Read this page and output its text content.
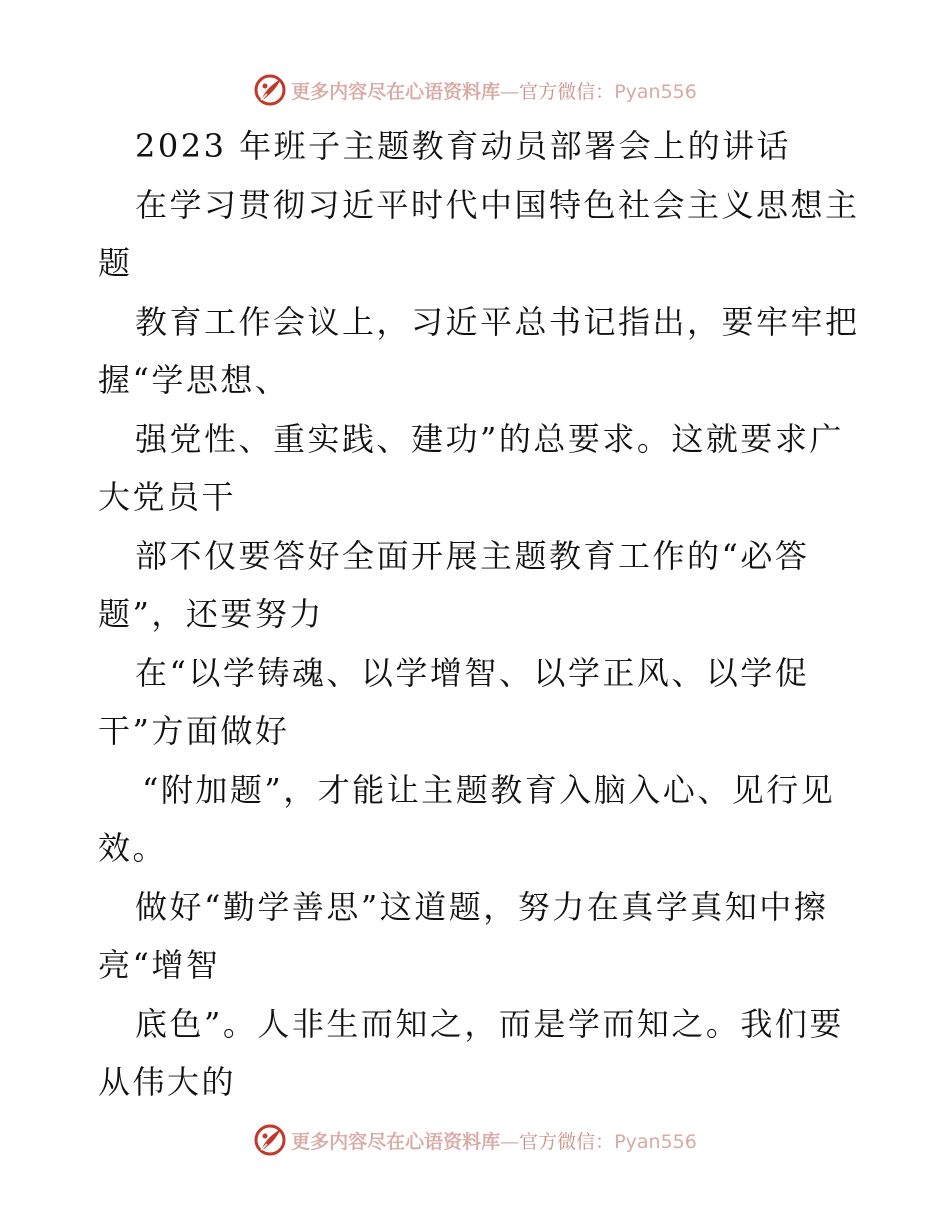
更多内容尽在心语资料库—官方微信：Pyan556
2023 年班子主题教育动员部署会上的讲话
在学习贯彻习近平时代中国特色社会主义思想主
题
教育工作会议上，习近平总书记指出，要牢牢把
握“学思想、
强党性、重实践、建功”的总要求。这就要求广
大党员干
部不仅要答好全面开展主题教育工作的“必答
题”，还要努力
在“以学铸魂、以学增智、以学正风、以学促
干”方面做好
“附加题”，才能让主题教育入脑入心、见行见
效。
做好“勤学善思”这道题，努力在真学真知中擦
亮“增智
底色”。人非生而知之，而是学而知之。我们要
从伟大的
更多内容尽在心语资料库—官方微信：Pyan556
